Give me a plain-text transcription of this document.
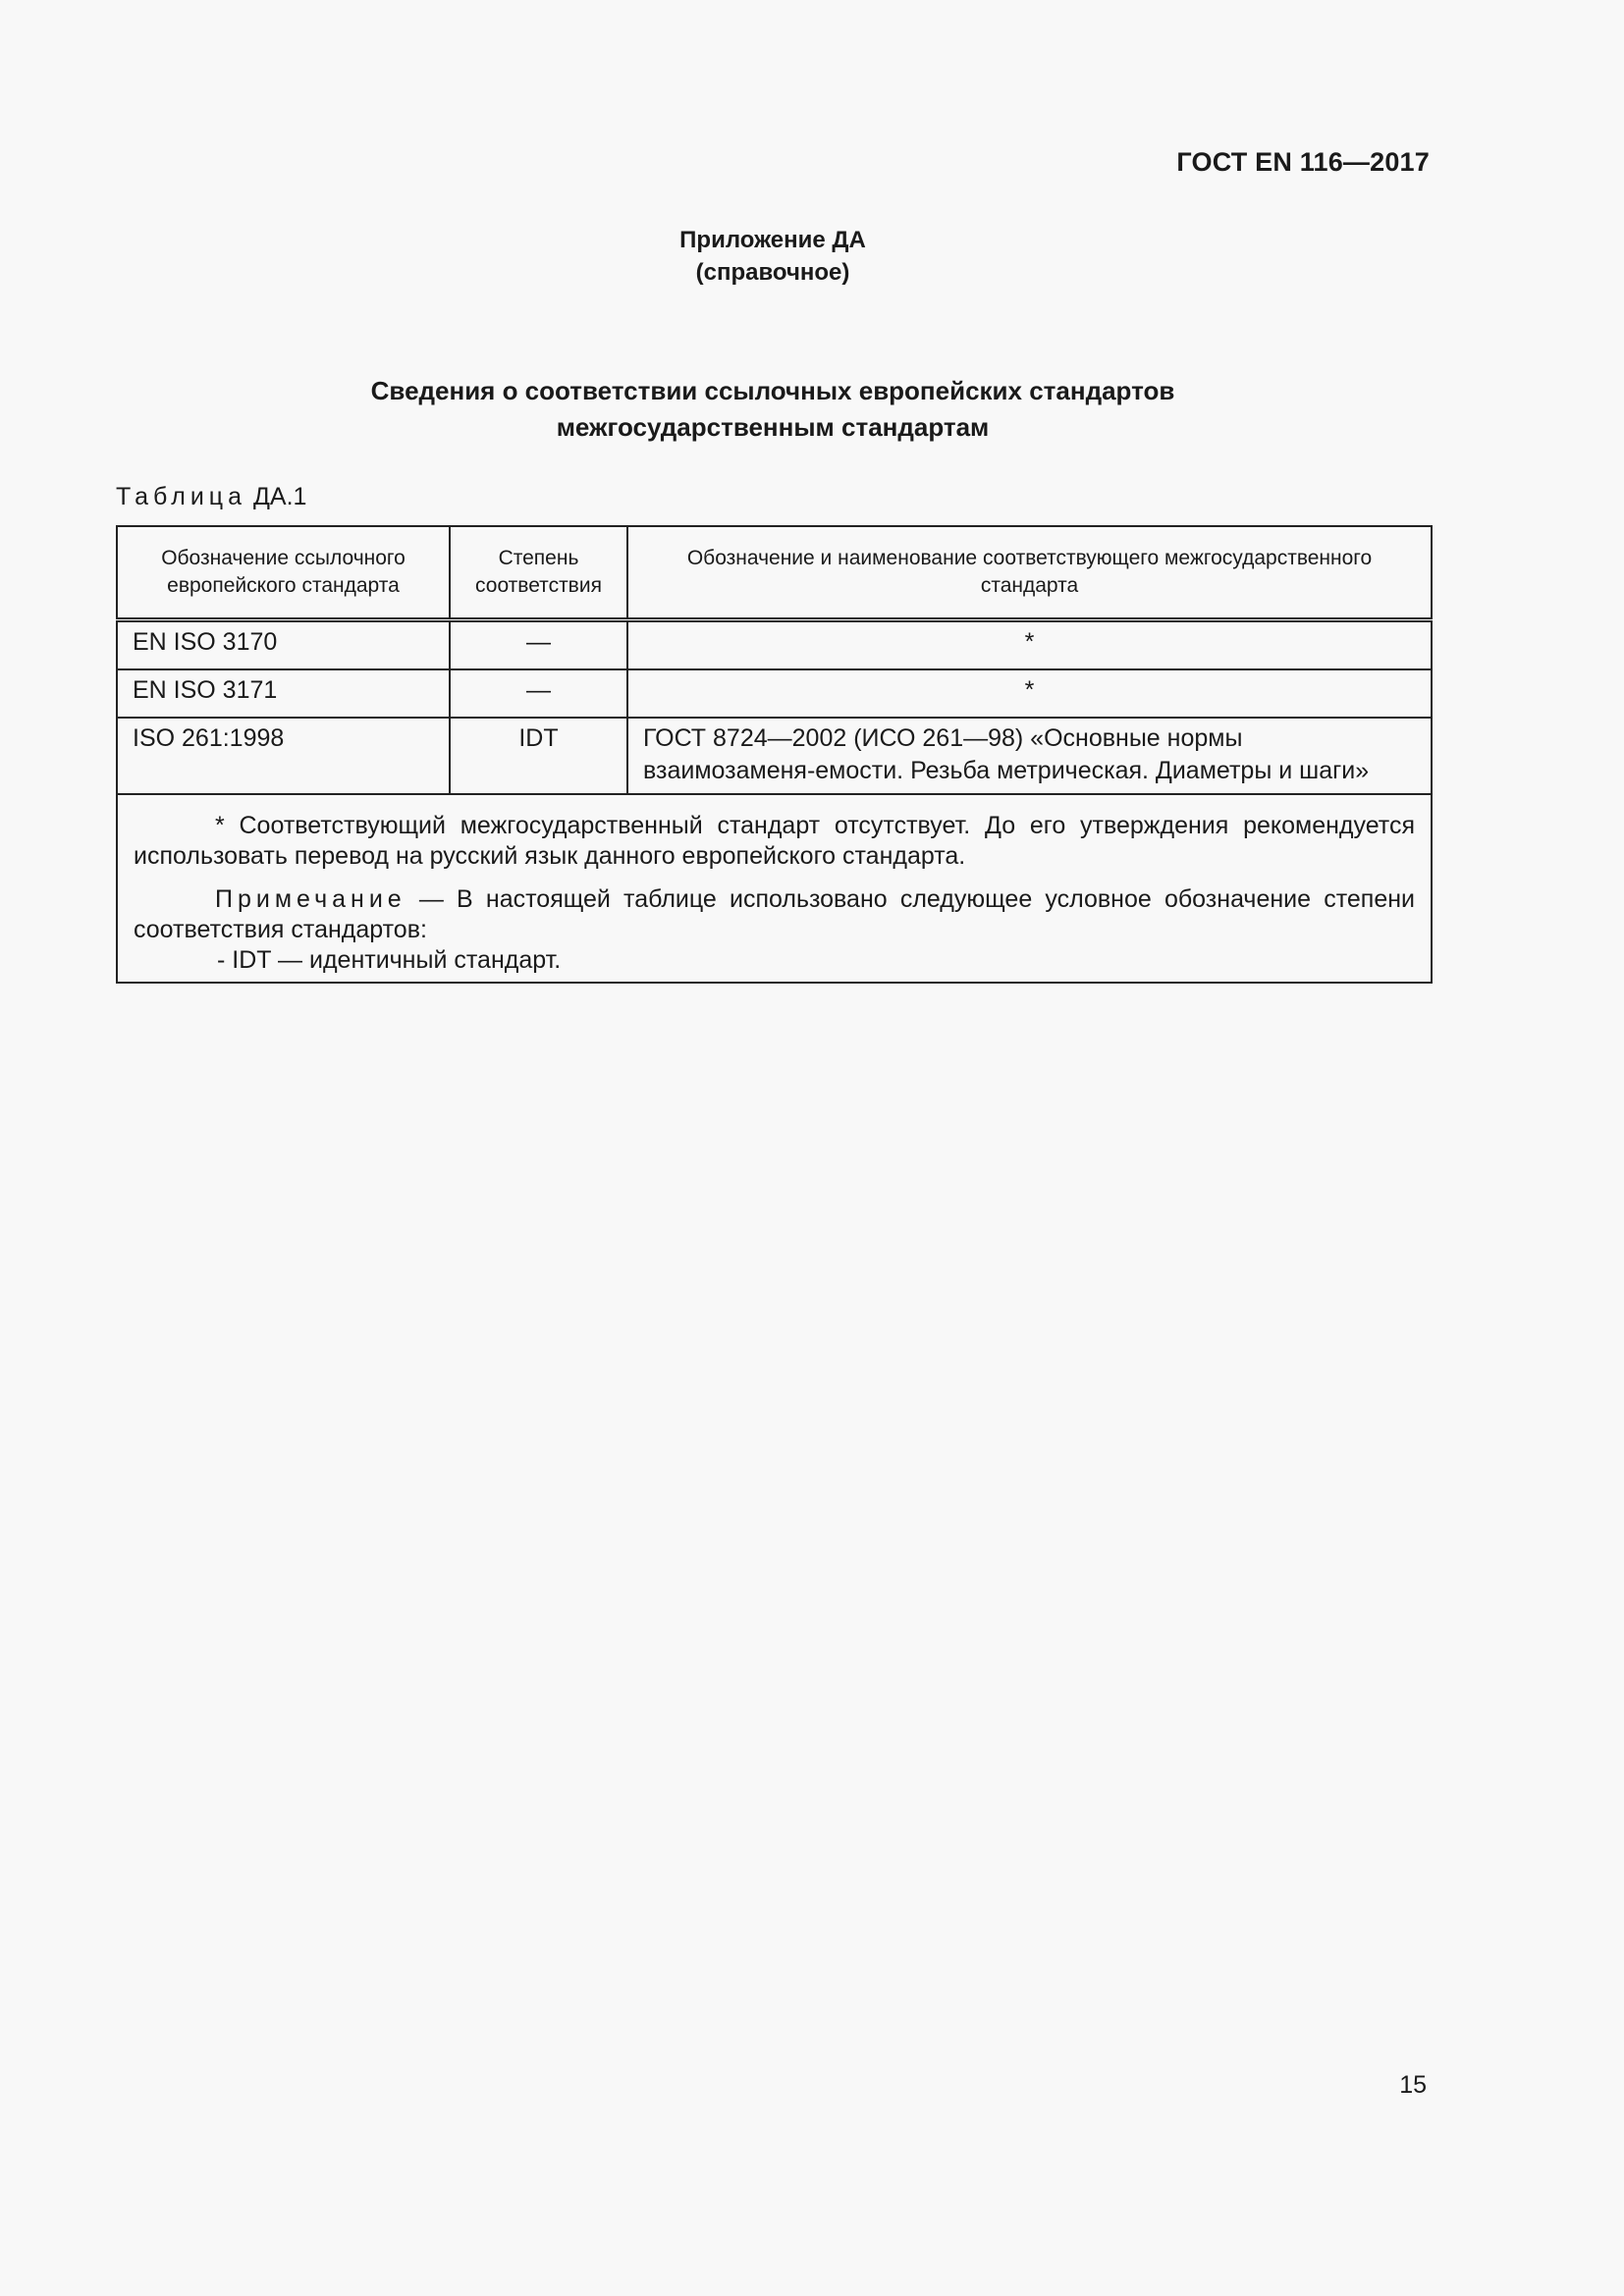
ГОСТ EN 116—2017
Приложение ДА
(справочное)
Сведения о соответствии ссылочных европейских стандартов
межгосударственным стандартам
Таблица ДА.1
Обозначение ссылочного европейского стандарта	Степень соответствия	Обозначение и наименование соответствующего межгосударственного стандарта
EN ISO 3170	—	*
EN ISO 3171	—	*
ISO 261:1998	IDT	ГОСТ 8724—2002 (ИСО 261—98) «Основные нормы взаимозаменя-емости. Резьба метрическая. Диаметры и шаги»

* Соответствующий межгосударственный стандарт отсутствует. До его утверждения рекомендуется использовать перевод на русский язык данного европейского стандарта.

Примечание — В настоящей таблице использовано следующее условное обозначение степени соответствия стандартов:

- IDT — идентичный стандарт.		
15
